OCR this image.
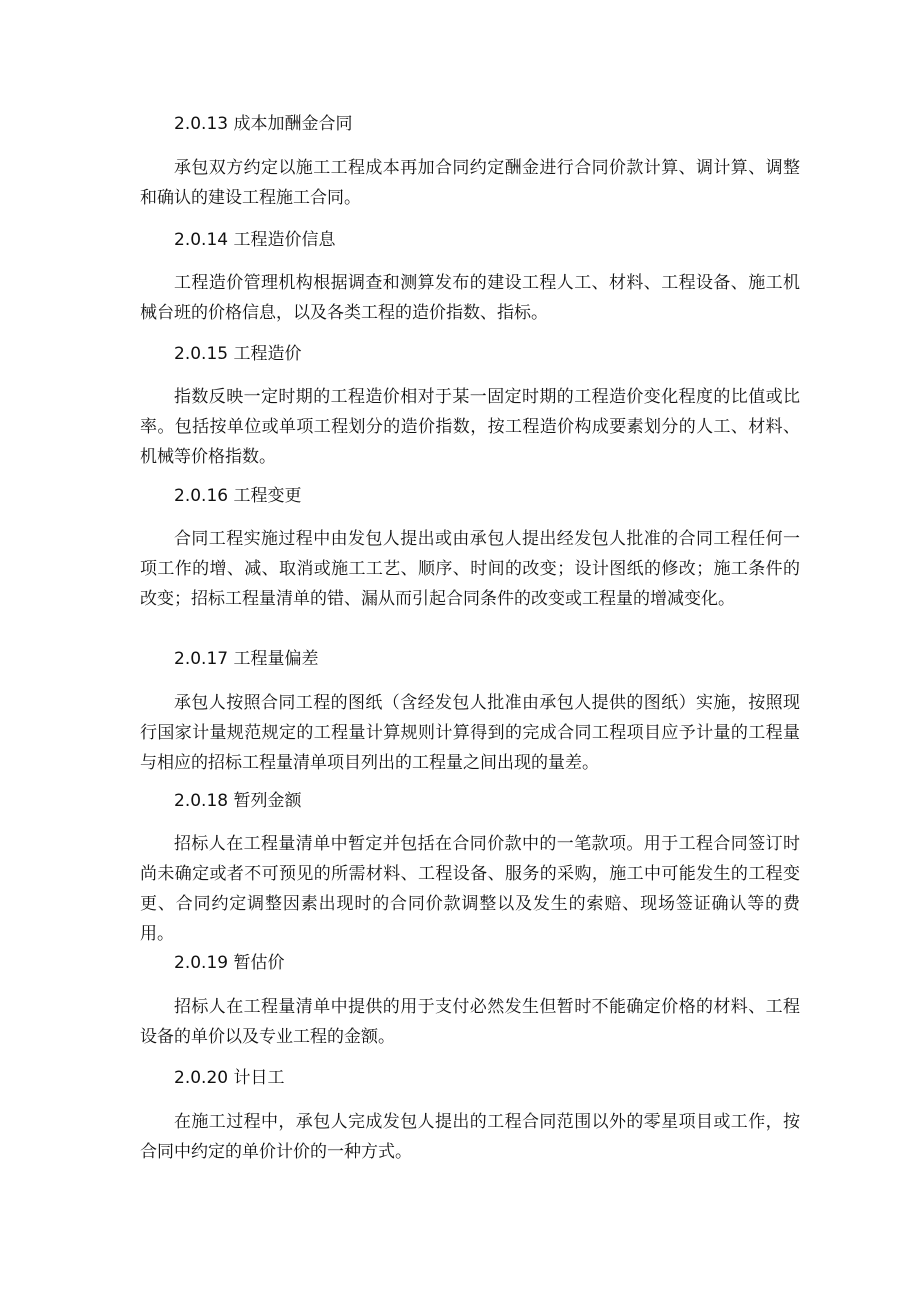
2.0.13 成本加酬金合同
承包双方约定以施工工程成本再加合同约定酬金进行合同价款计算、调计算、调整和确认的建设工程施工合同。
2.0.14 工程造价信息
工程造价管理机构根据调查和测算发布的建设工程人工、材料、工程设备、施工机械台班的价格信息，以及各类工程的造价指数、指标。
2.0.15 工程造价
指数反映一定时期的工程造价相对于某一固定时期的工程造价变化程度的比值或比率。包括按单位或单项工程划分的造价指数，按工程造价构成要素划分的人工、材料、机械等价格指数。
2.0.16 工程变更
合同工程实施过程中由发包人提出或由承包人提出经发包人批准的合同工程任何一项工作的增、减、取消或施工工艺、顺序、时间的改变；设计图纸的修改；施工条件的改变；招标工程量清单的错、漏从而引起合同条件的改变或工程量的增减变化。
2.0.17 工程量偏差
承包人按照合同工程的图纸（含经发包人批准由承包人提供的图纸）实施，按照现行国家计量规范规定的工程量计算规则计算得到的完成合同工程项目应予计量的工程量与相应的招标工程量清单项目列出的工程量之间出现的量差。
2.0.18 暂列金额
招标人在工程量清单中暂定并包括在合同价款中的一笔款项。用于工程合同签订时尚未确定或者不可预见的所需材料、工程设备、服务的采购，施工中可能发生的工程变更、合同约定调整因素出现时的合同价款调整以及发生的索赔、现场签证确认等的费用。
2.0.19 暂估价
招标人在工程量清单中提供的用于支付必然发生但暂时不能确定价格的材料、工程设备的单价以及专业工程的金额。
2.0.20 计日工
在施工过程中，承包人完成发包人提出的工程合同范围以外的零星项目或工作，按合同中约定的单价计价的一种方式。
